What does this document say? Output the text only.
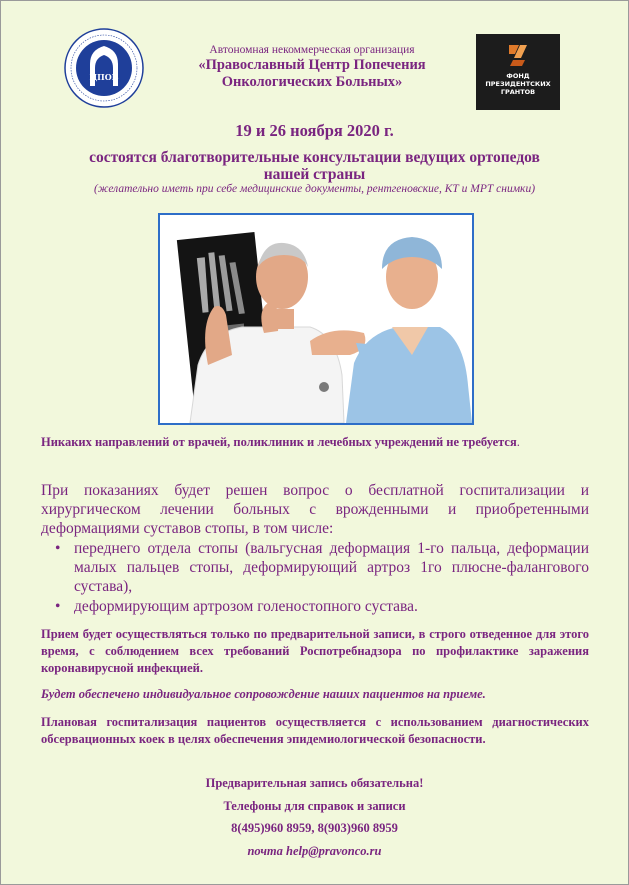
ЦПОБ
Автономная некоммерческая организация
«Православный Центр Попечения
Онкологических Больных»	ФОНД
ПРЕЗИДЕНТСКИХ
ГРАНТОВ
19 и 26 ноября 2020 г.
состоятся благотворительные консультации ведущих ортопедов
нашей страны
(желательно иметь при себе медицинские документы, рентгеновские, КТ и МРТ снимки)
Никаких направлений от врачей, поликлиник и лечебных учреждений не требуется.
При показаниях будет решен вопрос о бесплатной госпитализации и хирургическом лечении больных с врожденными и приобретенными деформациями суставов стопы, в том числе:
• переднего отдела стопы (вальгусная деформация 1-го пальца, деформации малых пальцев стопы, деформирующий артроз 1го плюсне-фалангового сустава),
• деформирующим артрозом голеностопного сустава.
Прием будет осуществляться только по предварительной записи, в строго отведенное для этого время, с соблюдением всех требований Роспотребнадзора по профилактике заражения коронавирусной инфекцией.
Будет обеспечено индивидуальное сопровождение наших пациентов на приеме.
Плановая госпитализация пациентов осуществляется с использованием диагностических обсервационных коек в целях обеспечения эпидемиологической безопасности.
Предварительная запись обязательна!
Телефоны для справок и записи
8(495)960 8959, 8(903)960 8959
почта help@pravonco.ru
